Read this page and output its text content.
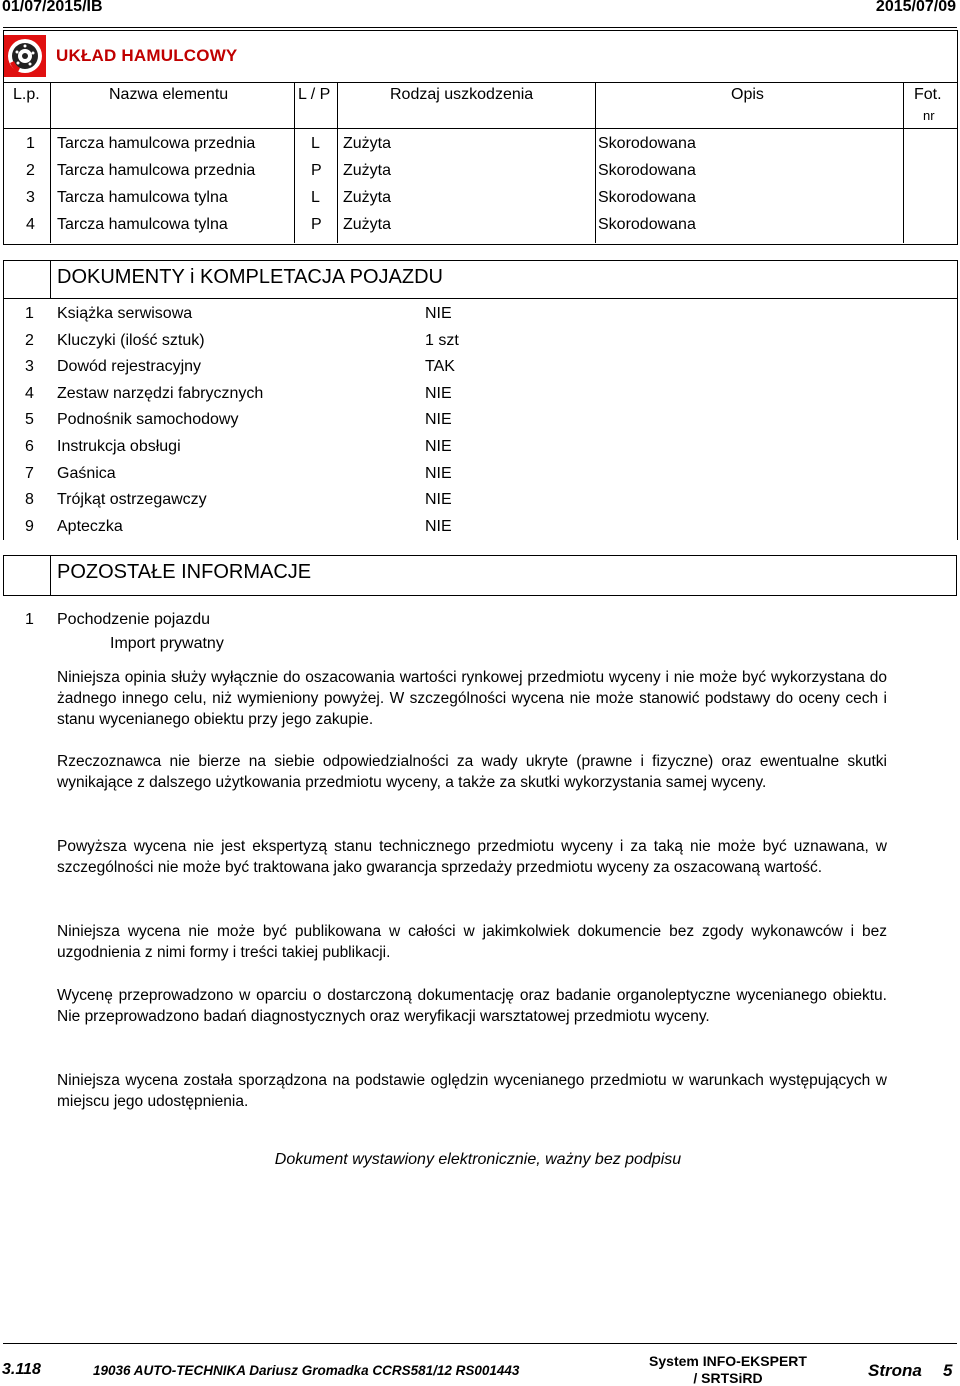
01/07/2015/IB	2015/07/09
UKŁAD HAMULCOWY
L.p.	Nazwa elementu	L / P	Rodzaj uszkodzenia	Opis	Fot.
nr
1 Tarcza hamulcowa przednia	L Zużyta	Skorodowana
2 Tarcza hamulcowa przednia	P Zużyta	Skorodowana
3 Tarcza hamulcowa tylna	L Zużyta	Skorodowana
4 Tarcza hamulcowa tylna	P Zużyta	Skorodowana
DOKUMENTY i KOMPLETACJA POJAZDU
1 Książka serwisowa	NIE
2 Kluczyki (ilość sztuk)	1 szt
3 Dowód rejestracyjny	TAK
4 Zestaw narzędzi fabrycznych	NIE
5 Podnośnik samochodowy	NIE
6 Instrukcja obsługi	NIE
7 Gaśnica	NIE
8 Trójkąt ostrzegawczy	NIE
9 Apteczka	NIE
POZOSTAŁE INFORMACJE
1 Pochodzenie pojazdu
Import prywatny
Niniejsza opinia służy wyłącznie do oszacowania wartości rynkowej przedmiotu wyceny i nie może być wykorzystana do żadnego innego celu, niż wymieniony powyżej. W szczególności wycena nie może stanowić podstawy do oceny cech i stanu wycenianego obiektu przy jego zakupie.
Rzeczoznawca nie bierze na siebie odpowiedzialności za wady ukryte (prawne i fizyczne) oraz ewentualne skutki wynikające z dalszego użytkowania przedmiotu wyceny, a także za skutki wykorzystania samej wyceny.
Powyższa wycena nie jest ekspertyzą stanu technicznego przedmiotu wyceny i za taką nie może być uznawana, w szczególności nie może być traktowana jako gwarancja sprzedaży przedmiotu wyceny za oszacowaną wartość.
Niniejsza wycena nie może być publikowana w całości w jakimkolwiek dokumencie bez zgody wykonawców i bez uzgodnienia z nimi formy i treści takiej publikacji.
Wycenę przeprowadzono w oparciu o dostarczoną dokumentację oraz badanie organoleptyczne wycenianego obiektu. Nie przeprowadzono badań diagnostycznych oraz weryfikacji warsztatowej przedmiotu wyceny.
Niniejsza wycena została sporządzona na podstawie oględzin wycenianego przedmiotu w warunkach występujących w miejscu jego udostępnienia.
Dokument wystawiony elektronicznie, ważny bez podpisu
3.118	19036 AUTO-TECHNIKA Dariusz Gromadka CCRS581/12 RS001443
System INFO-EKSPERT
/ SRTSiRD	Strona 5
